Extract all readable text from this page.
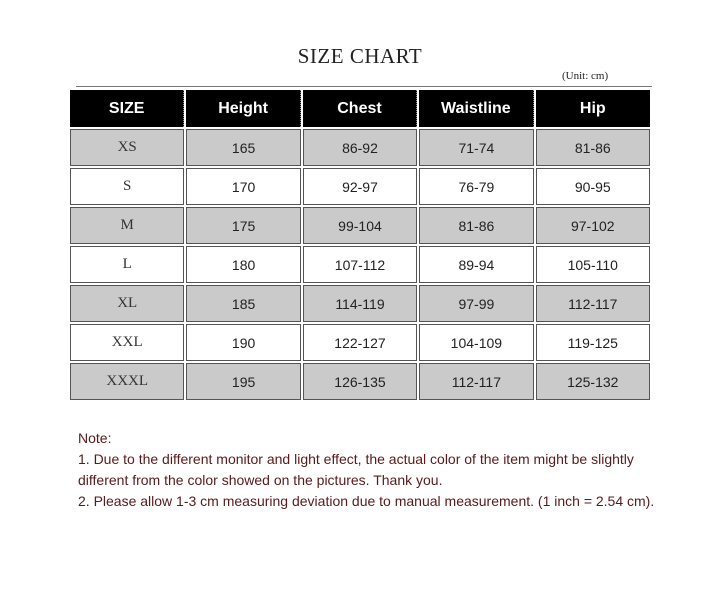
SIZE CHART
(Unit: cm)
SIZE	Height	Chest	Waistline	Hip
XS	165	86-92	71-74	81-86
S	170	92-97	76-79	90-95
M	175	99-104	81-86	97-102
L	180	107-112	89-94	105-110
XL	185	114-119	97-99	112-117
XXL	190	122-127	104-109	119-125
XXXL	195	126-135	112-117	125-132
Note:
1. Due to the different monitor and light effect, the actual color of the item might be slightly different from the color showed on the pictures. Thank you.
2. Please allow 1-3 cm measuring deviation due to manual measurement. (1 inch = 2.54 cm).
